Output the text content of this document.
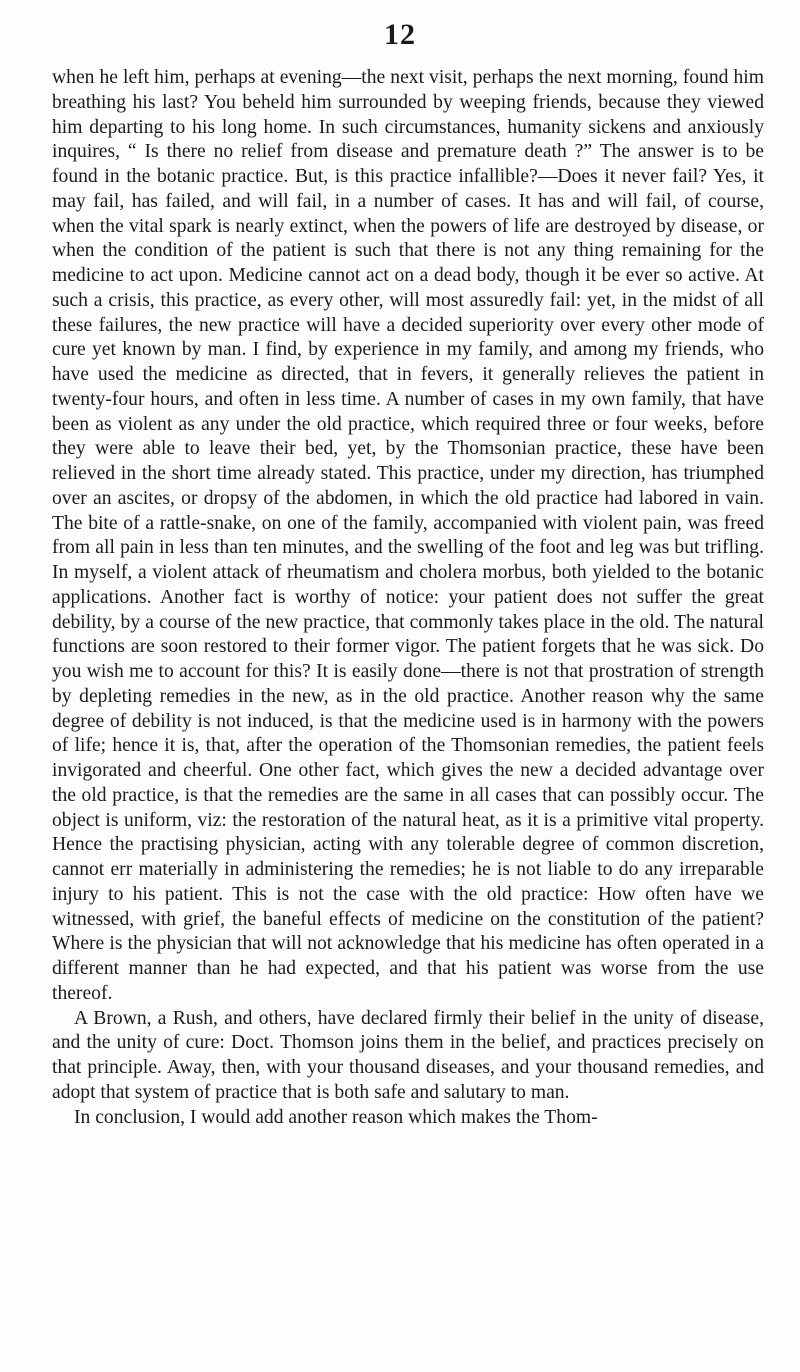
12

when he left him, perhaps at evening—the next visit, perhaps the next morning, found him breathing his last? You beheld him surrounded by weeping friends, because they viewed him departing to his long home. In such circumstances, humanity sickens and anxiously inquires, “ Is there no relief from disease and premature death ?” The answer is to be found in the botanic practice. But, is this practice infallible?—Does it never fail? Yes, it may fail, has failed, and will fail, in a number of cases. It has and will fail, of course, when the vital spark is nearly extinct, when the powers of life are destroyed by disease, or when the condition of the patient is such that there is not any thing remaining for the medicine to act upon. Medicine cannot act on a dead body, though it be ever so active. At such a crisis, this practice, as every other, will most assuredly fail: yet, in the midst of all these failures, the new practice will have a decided superiority over every other mode of cure yet known by man. I find, by experience in my family, and among my friends, who have used the medicine as directed, that in fevers, it generally relieves the patient in twenty-four hours, and often in less time. A number of cases in my own family, that have been as violent as any under the old practice, which required three or four weeks, before they were able to leave their bed, yet, by the Thomsonian practice, these have been relieved in the short time already stated. This practice, under my direction, has triumphed over an ascites, or dropsy of the abdomen, in which the old practice had labored in vain. The bite of a rattle-snake, on one of the family, accompanied with violent pain, was freed from all pain in less than ten minutes, and the swelling of the foot and leg was but trifling. In myself, a violent attack of rheumatism and cholera morbus, both yielded to the botanic applications. Another fact is worthy of notice: your patient does not suffer the great debility, by a course of the new practice, that commonly takes place in the old. The natural functions are soon restored to their former vigor. The patient forgets that he was sick. Do you wish me to account for this? It is easily done—there is not that prostration of strength by depleting remedies in the new, as in the old practice. Another reason why the same degree of debility is not induced, is that the medicine used is in harmony with the powers of life; hence it is, that, after the operation of the Thomsonian remedies, the patient feels invigorated and cheerful. One other fact, which gives the new a decided advantage over the old practice, is that the remedies are the same in all cases that can possibly occur. The object is uniform, viz: the restoration of the natural heat, as it is a primitive vital property. Hence the practising physician, acting with any tolerable degree of common discretion, cannot err materially in administering the remedies; he is not liable to do any irreparable injury to his patient. This is not the case with the old practice: How often have we witnessed, with grief, the baneful effects of medicine on the constitution of the patient? Where is the physician that will not acknowledge that his medicine has often operated in a different manner than he had expected, and that his patient was worse from the use thereof.

A Brown, a Rush, and others, have declared firmly their belief in the unity of disease, and the unity of cure: Doct. Thomson joins them in the belief, and practices precisely on that principle. Away, then, with your thousand diseases, and your thousand remedies, and adopt that system of practice that is both safe and salutary to man.

In conclusion, I would add another reason which makes the Thom-
